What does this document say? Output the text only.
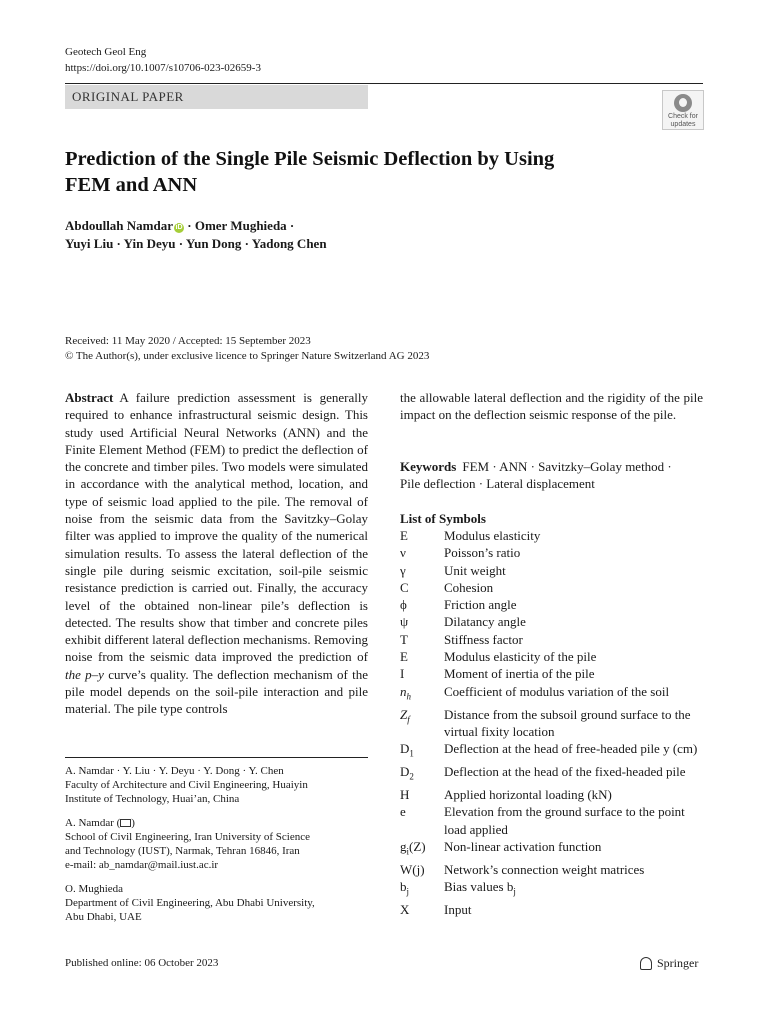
Geotech Geol Eng
https://doi.org/10.1007/s10706-023-02659-3
ORIGINAL PAPER
Check for
updates
Prediction of the Single Pile Seismic Deflection by Using
FEM and ANN
Abdoullah Namdar iD · Omer Mughieda ·
Yuyi Liu · Yin Deyu · Yun Dong · Yadong Chen
Received: 11 May 2020 / Accepted: 15 September 2023
© The Author(s), under exclusive licence to Springer Nature Switzerland AG 2023
Abstract A failure prediction assessment is generally required to enhance infrastructural seismic design. This study used Artificial Neural Networks (ANN) and the Finite Element Method (FEM) to predict the deflection of the concrete and timber piles. Two models were simulated in accordance with the analytical method, location, and type of seismic load applied to the pile. The removal of noise from the seismic data from the Savitzky–Golay filter was applied to improve the quality of the numerical simulation results. To assess the lateral deflection of the single pile during seismic excitation, soil-pile seismic resistance prediction is carried out. Finally, the accuracy level of the obtained non-linear pile’s deflection is detected. The results show that timber and concrete piles exhibit different lateral deflection mechanisms. Removing noise from the seismic data improved the prediction of the p–y curve’s quality. The deflection mechanism of the pile model depends on the soil-pile interaction and pile material. The pile type controls
the allowable lateral deflection and the rigidity of the pile impact on the deflection seismic response of the pile.
Keywords FEM · ANN · Savitzky–Golay method ·
Pile deflection · Lateral displacement
List of Symbols
E	Modulus elasticity
ν	Poisson’s ratio
γ	Unit weight
C	Cohesion
ϕ	Friction angle
ψ	Dilatancy angle
T	Stiffness factor
E	Modulus elasticity of the pile
I	Moment of inertia of the pile
$n_h$	Coefficient of modulus variation of the soil
$Z_f$	Distance from the subsoil ground surface to the virtual fixity location
$D_1$	Deflection at the head of free-headed pile y (cm)
$D_2$	Deflection at the head of the fixed-headed pile
H	Applied horizontal loading (kN)
e	Elevation from the ground surface to the point load applied
$g_i(Z)$	Non-linear activation function
W(j)	Network’s connection weight matrices
$b_j$	Bias values $b_j$
X	Input

A. Namdar · Y. Liu · Y. Deyu · Y. Dong · Y. Chen
Faculty of Architecture and Civil Engineering, Huaiyin
Institute of Technology, Huai’an, China

A. Namdar ( )
School of Civil Engineering, Iran University of Science
and Technology (IUST), Narmak, Tehran 16846, Iran
e-mail: ab_namdar@mail.iust.ac.ir

O. Mughieda
Department of Civil Engineering, Abu Dhabi University,
Abu Dhabi, UAE

Published online: 06 October 2023	Springer
